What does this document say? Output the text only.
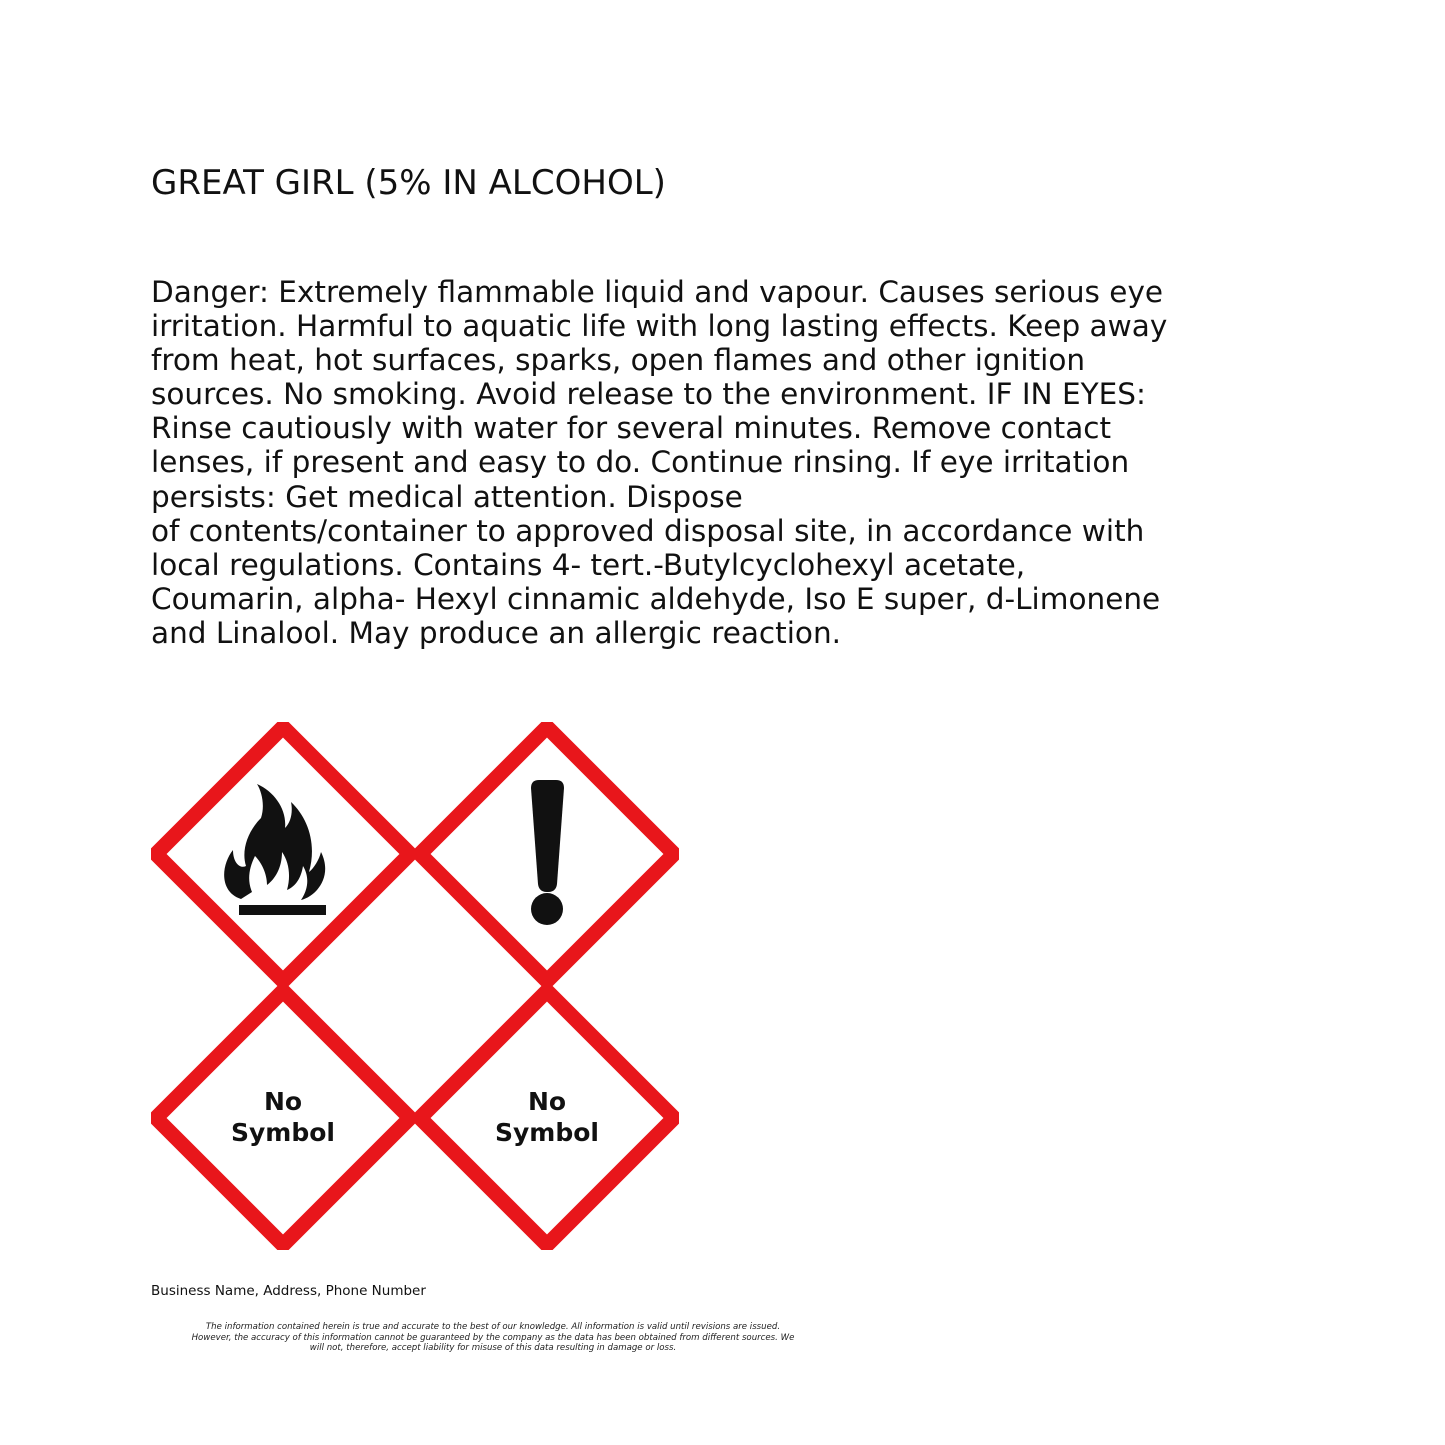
GREAT GIRL (5% IN ALCOHOL)
Danger: Extremely flammable liquid and vapour. Causes serious eye
irritation. Harmful to aquatic life with long lasting effects. Keep away
from heat, hot surfaces, sparks, open flames and other ignition
sources. No smoking. Avoid release to the environment. IF IN EYES:
Rinse cautiously with water for several minutes. Remove contact
lenses, if present and easy to do. Continue rinsing. If eye irritation
persists: Get medical attention. Dispose
of contents/container to approved disposal site, in accordance with
local regulations. Contains 4- tert.-Butylcyclohexyl acetate,
Coumarin, alpha- Hexyl cinnamic aldehyde, Iso E super, d-Limonene
and Linalool. May produce an allergic reaction.
No
Symbol
No
Symbol
Business Name, Address, Phone Number
The information contained herein is true and accurate to the best of our knowledge. All information is valid until revisions are issued.
However, the accuracy of this information cannot be guaranteed by the company as the data has been obtained from different sources. We
will not, therefore, accept liability for misuse of this data resulting in damage or loss.
